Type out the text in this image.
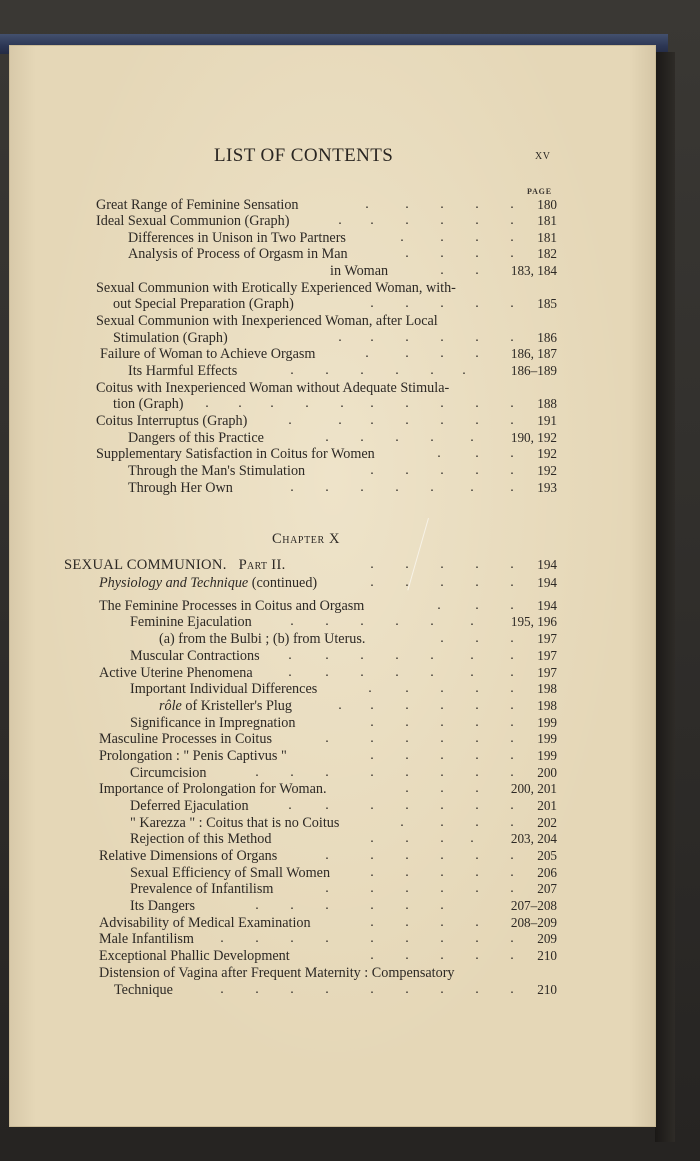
LIST OF CONTENTS	xv
PAGE
Great Range of Feminine Sensation	.	. . . . 180
Ideal Sexual Communion (Graph)	. . . . . . 181
Differences in Unison in Two Partners	.	. . . 181
Analysis of Process of Orgasm in Man	. . . . 182
in Woman	. . 183, 184
Sexual Communion with Erotically Experienced Woman, with-
out Special Preparation (Graph)	. . . . . 185
Sexual Communion with Inexperienced Woman, after Local
Stimulation (Graph)	. . . . . . 186
Failure of Woman to Achieve Orgasm	.	. . . 186, 187
Its Harmful Effects	. . . . . .	186–189
Coitus with Inexperienced Woman without Adequate Stimula-
tion (Graph) . . . . . . . . . . 188
Coitus Interruptus (Graph)	.	. . . . . . 191
Dangers of this Practice	. . . .	.	190, 192
Supplementary Satisfaction in Coitus for Women	. . . 192
Through the Man's Stimulation	. . . . . 192
Through Her Own	. . . . .	.	. 193
Chapter X
SEXUAL COMMUNION. Part II.	. . . . . 194
Physiology and Technique (continued)	. . . . . 194
The Feminine Processes in Coitus and Orgasm	. . . 194
Feminine Ejaculation	. . . . .	.	195, 196
(a) from the Bulbi ; (b) from Uterus.	. . . 197
Muscular Contractions . . . . .	.	. 197
Active Uterine Phenomena	. . . . .	.	. 197
Important Individual Differences	. . . . . 198
rôle of Kristeller's Plug	. . . . . . 198
Significance in Impregnation	. . . . . 199
Masculine Processes in Coitus	.	. . . . . 199
Prolongation : " Penis Captivus "	. . . . . 199
Circumcision	. . .	. . . . . 200
Importance of Prolongation for Woman.	. . . 200, 201
Deferred Ejaculation	. .	. . . . . 201
" Karezza " : Coitus that is no Coitus	.	. . . 202
Rejection of this Method	. . . .	203, 204
Relative Dimensions of Organs	.	. . . . . 205
Sexual Efficiency of Small Women	. . . . . 206
Prevalence of Infantilism	.	. . . . . 207
Its Dangers	. . .	. . .	207–208
Advisability of Medical Examination	. . . . 208–209
Male Infantilism . . . .	. . . . . 209
Exceptional Phallic Development	. . . . . 210
Distension of Vagina after Frequent Maternity : Compensatory
Technique	. . . .	. . . . . 210
